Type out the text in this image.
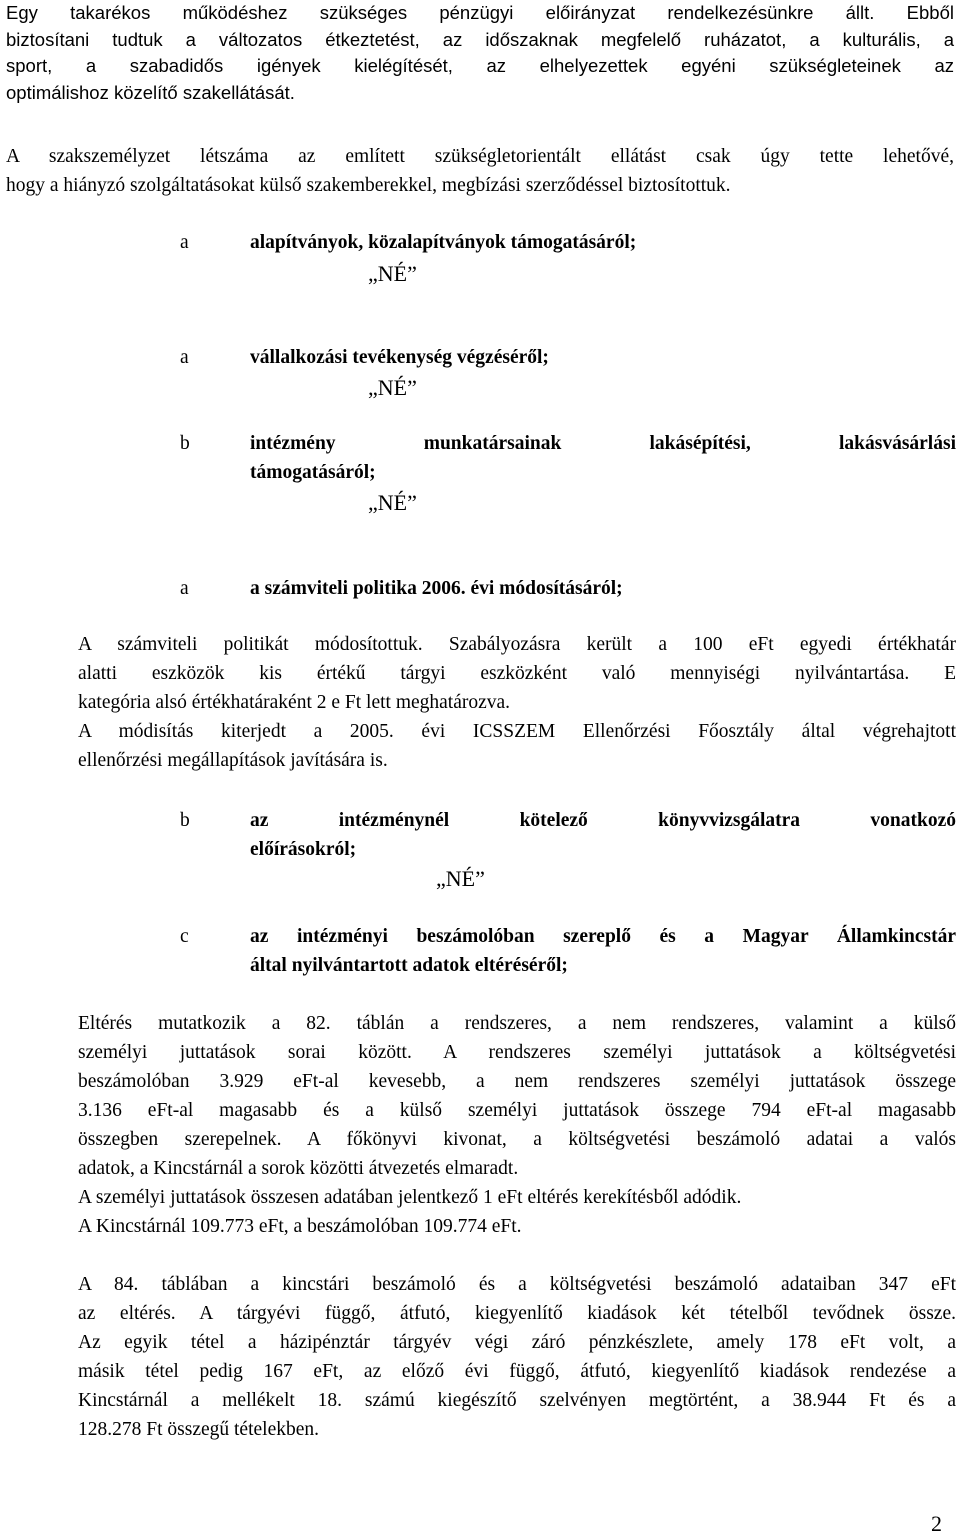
Egy takarékos működéshez szükséges pénzügyi előirányzat rendelkezésünkre állt. Ebből
biztosítani tudtuk a változatos étkeztetést, az időszaknak megfelelő ruházatot, a kulturális, a
sport, a szabadidős igények kielégítését, az elhelyezettek egyéni szükségleteinek az
optimálishoz közelítő szakellátását.
A szakszemélyzet létszáma az említett szükségletorientált ellátást csak úgy tette lehetővé,
hogy a hiányzó szolgáltatásokat külső szakemberekkel, megbízási szerződéssel biztosítottuk.
a	alapítványok, közalapítványok támogatásáról;
„NÉ”
a	vállalkozási tevékenység végzéséről;
„NÉ”
b	intézmény munkatársainak lakásépítési, lakásvásárlási
támogatásáról;
„NÉ”
a	a számviteli politika 2006. évi módosításáról;
A számviteli politikát módosítottuk. Szabályozásra került a 100 eFt egyedi értékhatár
alatti eszközök kis értékű tárgyi eszközként való mennyiségi nyilvántartása. E
kategória alsó értékhatáraként 2 e Ft lett meghatározva.
A módisítás kiterjedt a 2005. évi ICSSZEM Ellenőrzési Főosztály által végrehajtott
ellenőrzési megállapítások javítására is.
b	az intézménynél kötelező könyvvizsgálatra vonatkozó
előírásokról;
„NÉ”
c	az intézményi beszámolóban szereplő és a Magyar Államkincstár
által nyilvántartott adatok eltéréséről;
Eltérés mutatkozik a 82. táblán a rendszeres, a nem rendszeres, valamint a külső
személyi juttatások sorai között. A rendszeres személyi juttatások a költségvetési
beszámolóban 3.929 eFt-al kevesebb, a nem rendszeres személyi juttatások összege
3.136 eFt-al magasabb és a külső személyi juttatások összege 794 eFt-al magasabb
összegben szerepelnek. A főkönyvi kivonat, a költségvetési beszámoló adatai a valós
adatok, a Kincstárnál a sorok közötti átvezetés elmaradt.
A személyi juttatások összesen adatában jelentkező 1 eFt eltérés kerekítésből adódik.
A Kincstárnál 109.773 eFt, a beszámolóban 109.774 eFt.
A 84. táblában a kincstári beszámoló és a költségvetési beszámoló adataiban 347 eFt
az eltérés. A tárgyévi függő, átfutó, kiegyenlítő kiadások két tételből tevődnek össze.
Az egyik tétel a házipénztár tárgyév végi záró pénzkészlete, amely 178 eFt volt, a
másik tétel pedig 167 eFt, az előző évi függő, átfutó, kiegyenlítő kiadások rendezése a
Kincstárnál a mellékelt 18. számú kiegészítő szelvényen megtörtént, a 38.944 Ft és a
128.278 Ft összegű tételekben.
2
